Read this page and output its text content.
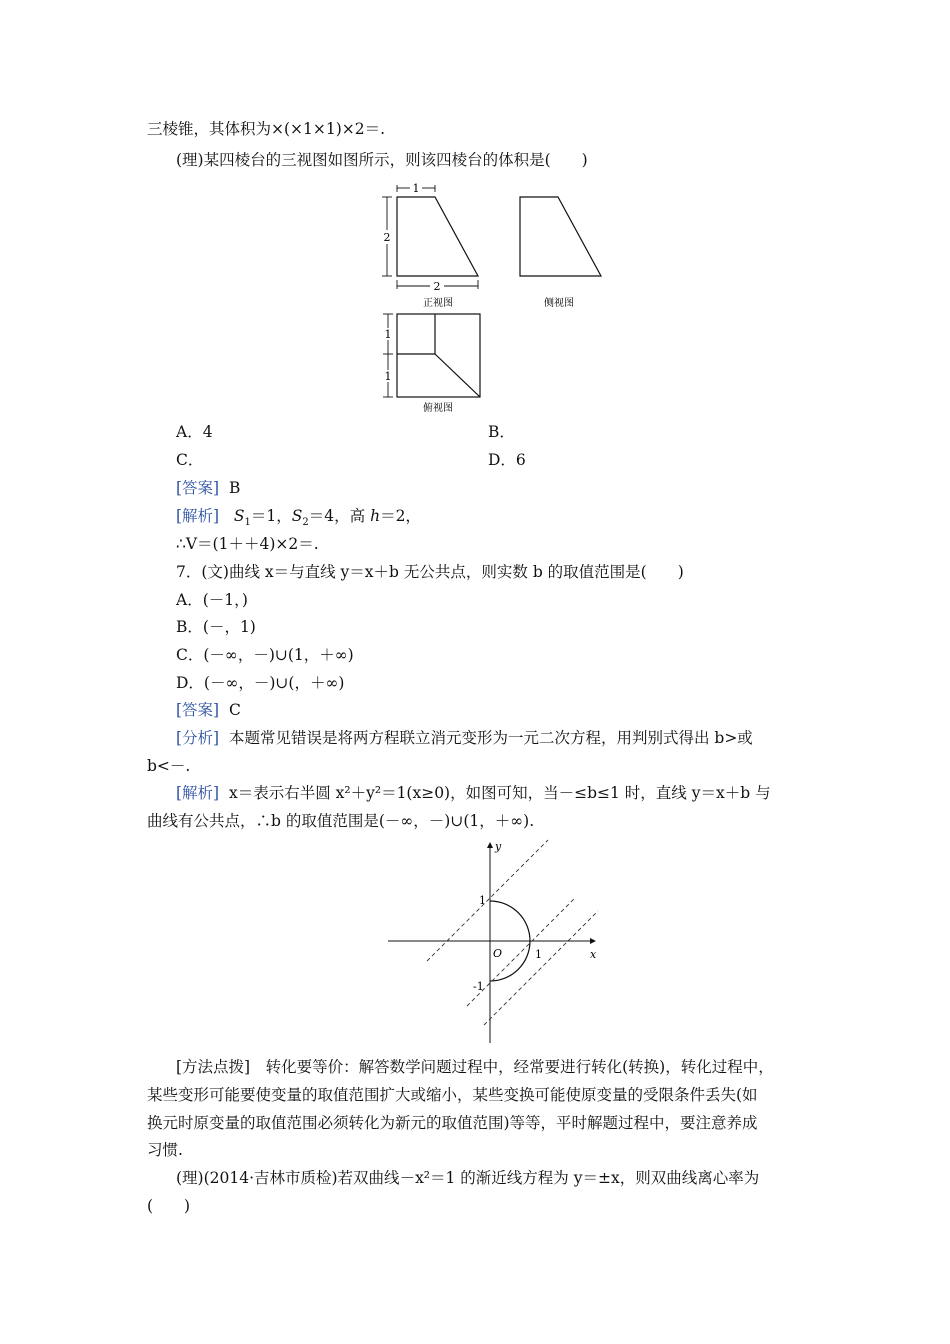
三棱锥，其体积为×(×1×1)×2＝.
(理)某四棱台的三视图如图所示，则该四棱台的体积是(　　)
1
2
2
正视图	侧视图
1
1
俯视图
A．4	B．
C．	D．6
[答案] B
[解析] $S_1=1$，$S_2=4$，高 h＝2，
∴V＝(1＋＋4)×2＝.
7．(文)曲线 x＝与直线 y＝x＋b 无公共点，则实数 b 的取值范围是(　　)
A．(－1，)
B．(－，1)
C．(－∞，－)∪(1，＋∞)
D．(－∞，－)∪(，＋∞)
[答案] C
[分析] 本题常见错误是将两方程联立消元变形为一元二次方程，用判别式得出 b>或
b<－.
[解析] x＝表示右半圆 x²＋y²＝1(x≥0)，如图可知，当－≤b≤1 时，直线 y＝x＋b 与
曲线有公共点，∴b 的取值范围是(－∞，－)∪(1，＋∞).
y
x
O
1
-1
1
[方法点拨]　转化要等价：解答数学问题过程中，经常要进行转化(转换)，转化过程中，
某些变形可能要使变量的取值范围扩大或缩小，某些变换可能使原变量的受限条件丢失(如
换元时原变量的取值范围必须转化为新元的取值范围)等等，平时解题过程中，要注意养成
习惯.
(理)(2014·吉林市质检)若双曲线－x²＝1 的渐近线方程为 y＝±x，则双曲线离心率为
(　　)
